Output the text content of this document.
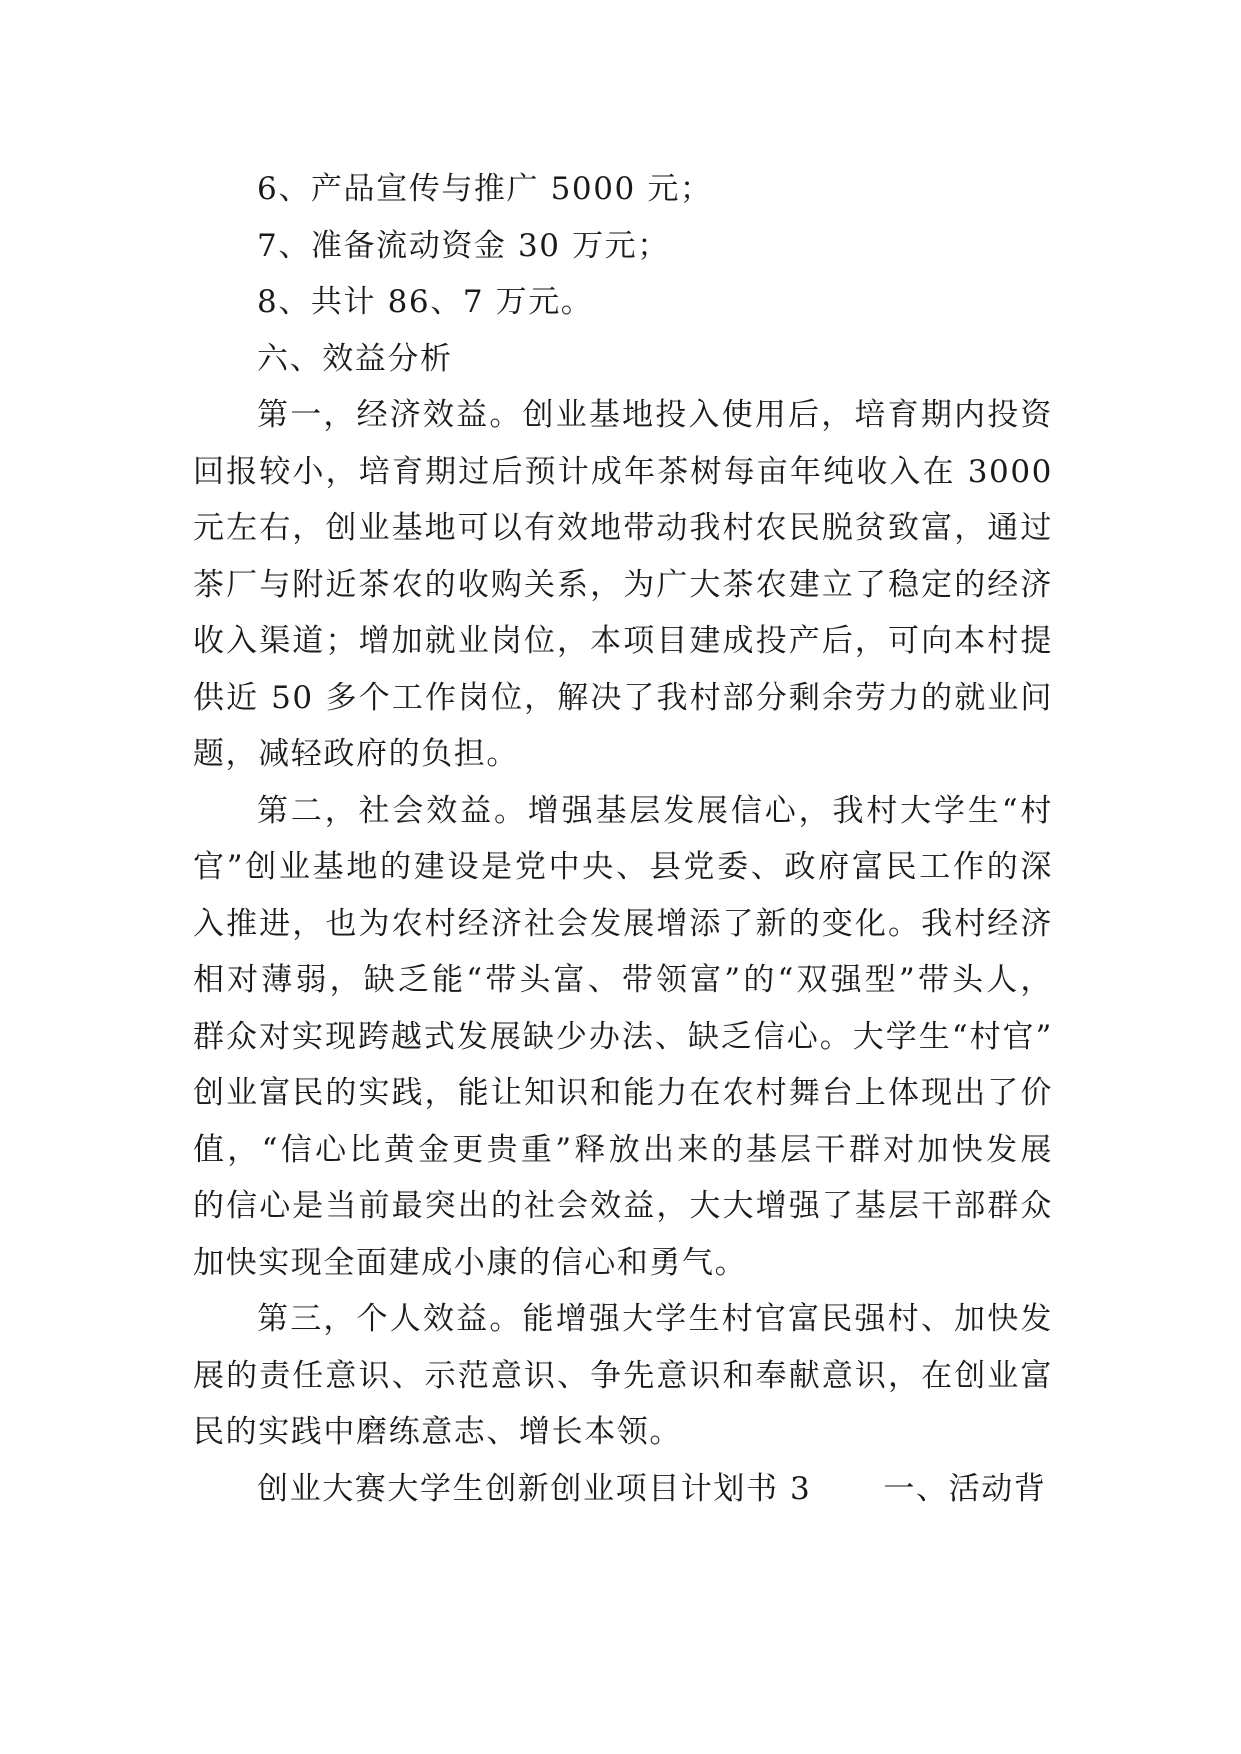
6、产品宣传与推广 5000 元；
7、准备流动资金 30 万元；
8、共计 86、7 万元。
六、效益分析
第一，经济效益。创业基地投入使用后，培育期内投资
回报较小，培育期过后预计成年茶树每亩年纯收入在 3000
元左右，创业基地可以有效地带动我村农民脱贫致富，通过
茶厂与附近茶农的收购关系，为广大茶农建立了稳定的经济
收入渠道；增加就业岗位，本项目建成投产后，可向本村提
供近 50 多个工作岗位，解决了我村部分剩余劳力的就业问
题，减轻政府的负担。
第二，社会效益。增强基层发展信心，我村大学生“村
官”创业基地的建设是党中央、县党委、政府富民工作的深
入推进，也为农村经济社会发展增添了新的变化。我村经济
相对薄弱，缺乏能“带头富、带领富”的“双强型”带头人，
群众对实现跨越式发展缺少办法、缺乏信心。大学生“村官”
创业富民的实践，能让知识和能力在农村舞台上体现出了价
值，“信心比黄金更贵重”释放出来的基层干群对加快发展
的信心是当前最突出的社会效益，大大增强了基层干部群众
加快实现全面建成小康的信心和勇气。
第三，个人效益。能增强大学生村官富民强村、加快发
展的责任意识、示范意识、争先意识和奉献意识，在创业富
民的实践中磨练意志、增长本领。
创业大赛大学生创新创业项目计划书 3 一、活动背
